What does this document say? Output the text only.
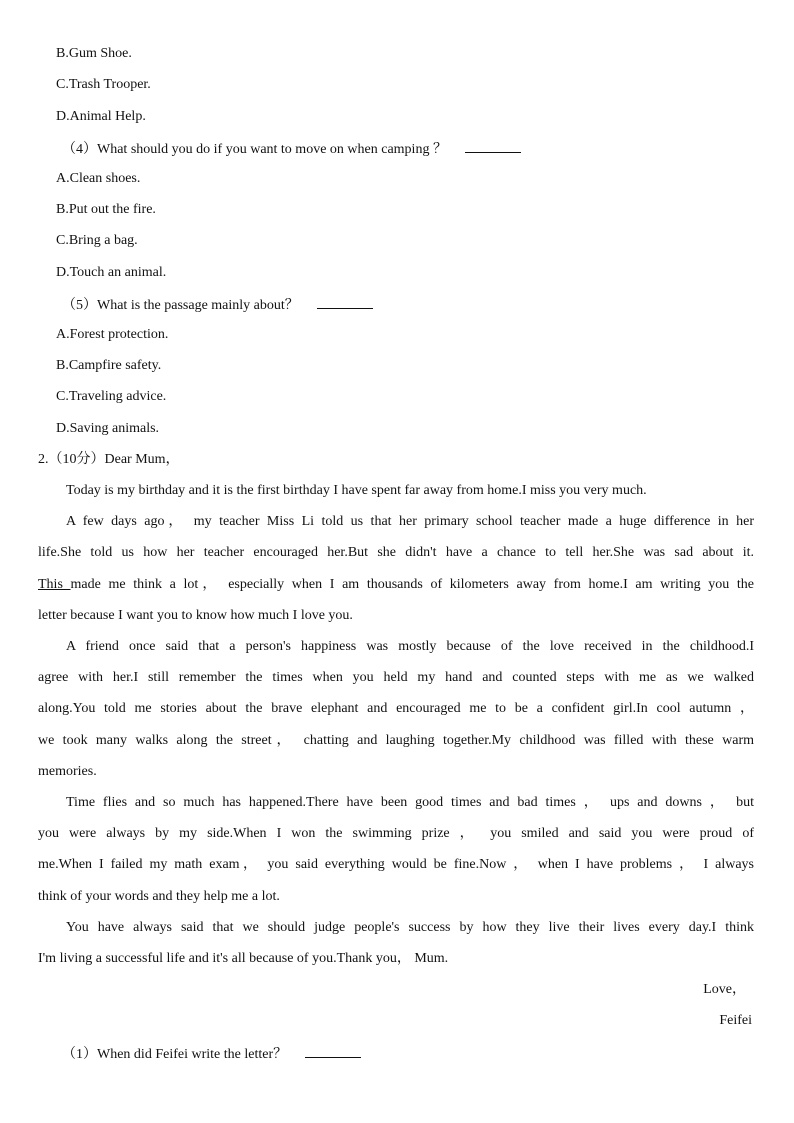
B.Gum Shoe.
C.Trash Trooper.
D.Animal Help.
（4）What should you do if you want to move on when camping ？
A.Clean shoes.
B.Put out the fire.
C.Bring a bag.
D.Touch an animal.
（5）What is the passage mainly about？
A.Forest protection.
B.Campfire safety.
C.Traveling advice.
D.Saving animals.
2.（10分）Dear Mum，
Today is my birthday and it is the first birthday I have spent far away from home.I miss you very much.
A few days ago， my teacher Miss Li told us that her primary school teacher made a huge difference in her
life.She told us how her teacher encouraged her.But she didn't have a chance to tell her.She was sad about it.
This made me think a lot， especially when I am thousands of kilometers away from home.I am writing you the
letter because I want you to know how much I love you.
A friend once said that a person's happiness was mostly because of the love received in the childhood.I
agree with her.I still remember the times when you held my hand and counted steps with me as we walked
along.You told me stories about the brave elephant and encouraged me to be a confident girl.In cool autumn ，
we took many walks along the street， chatting and laughing together.My childhood was filled with these warm
memories.
Time flies and so much has happened.There have been good times and bad times ， ups and downs ， but
you were always by my side.When I won the swimming prize ， you smiled and said you were proud of
me.When I failed my math exam， you said everything would be fine.Now ， when I have problems ， I always
think of your words and they help me a lot.
You have always said that we should judge people's success by how they live their lives every day.I think
I'm living a successful life and it's all because of you.Thank you， Mum.
Love，
Feifei
（1）When did Feifei write the letter？
